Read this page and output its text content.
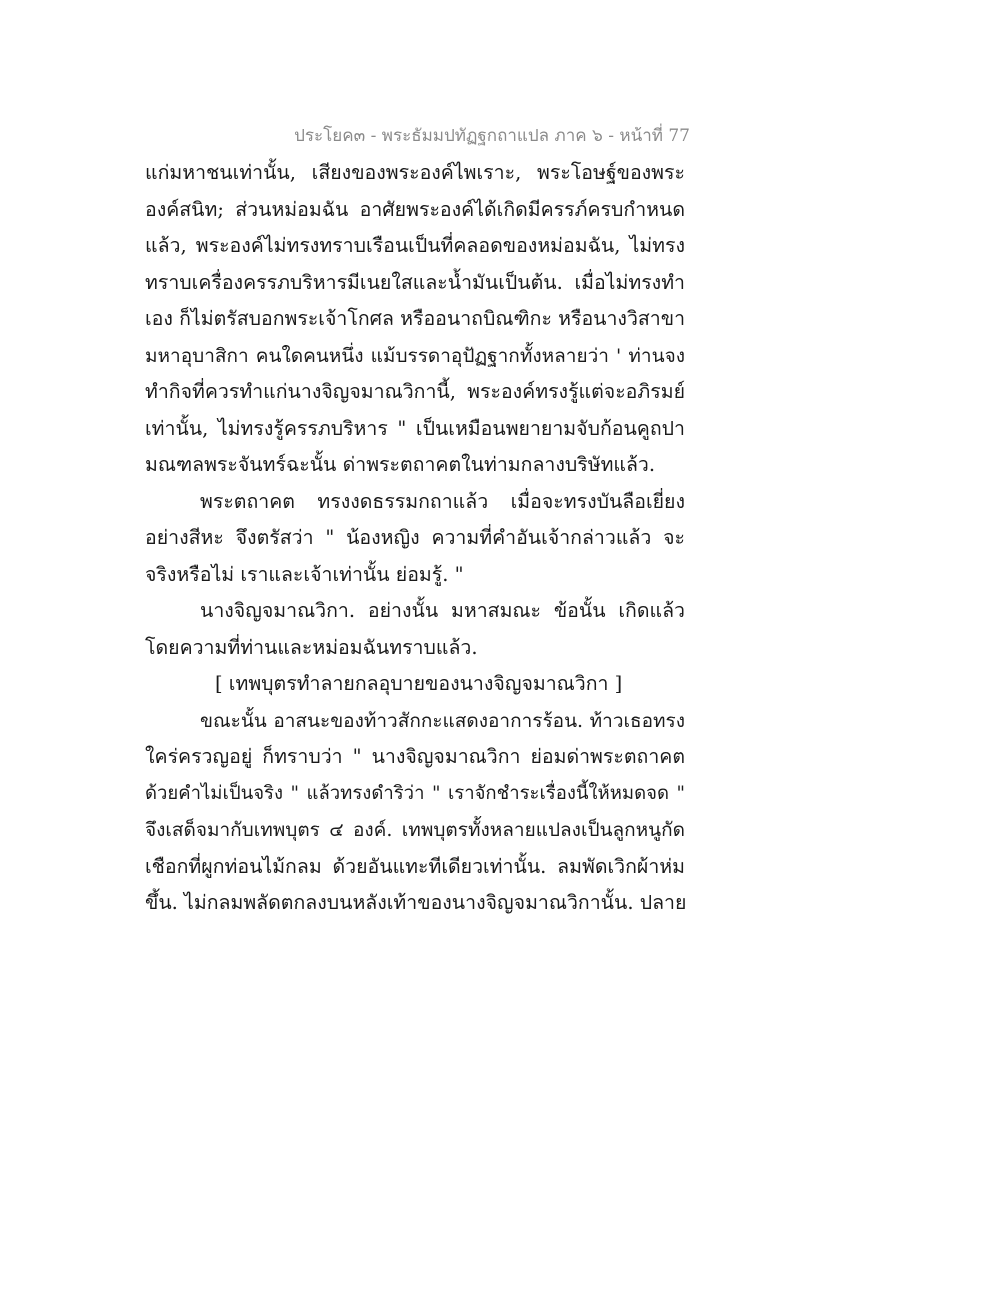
ประโยค๓ - พระธัมมปทัฏฐกถาแปล ภาค ๖ - หน้าที่ 77
แก่มหาชนเท่านั้น, เสียงของพระองค์ไพเราะ, พระโอษฐ์ของพระ
องค์สนิท; ส่วนหม่อมฉัน อาศัยพระองค์ได้เกิดมีครรภ์ครบกำหนด
แล้ว, พระองค์ไม่ทรงทราบเรือนเป็นที่คลอดของหม่อมฉัน, ไม่ทรง
ทราบเครื่องครรภบริหารมีเนยใสและน้ำมันเป็นต้น. เมื่อไม่ทรงทำ
เอง ก็ไม่ตรัสบอกพระเจ้าโกศล หรืออนาถบิณฑิกะ หรือนางวิสาขา
มหาอุบาสิกา คนใดคนหนึ่ง แม้บรรดาอุปัฏฐากทั้งหลายว่า ' ท่านจง
ทำกิจที่ควรทำแก่นางจิญจมาณวิกานี้, พระองค์ทรงรู้แต่จะอภิรมย์
เท่านั้น, ไม่ทรงรู้ครรภบริหาร " เป็นเหมือนพยายามจับก้อนคูถปา
มณฑลพระจันทร์ฉะนั้น ด่าพระตถาคตในท่ามกลางบริษัทแล้ว.
พระตถาคต ทรงงดธรรมกถาแล้ว เมื่อจะทรงบันลือเยี่ยง
อย่างสีหะ จึงตรัสว่า " น้องหญิง ความที่คำอันเจ้ากล่าวแล้ว จะ
จริงหรือไม่ เราและเจ้าเท่านั้น ย่อมรู้. "
นางจิญจมาณวิกา. อย่างนั้น มหาสมณะ ข้อนั้น เกิดแล้ว
โดยความที่ท่านและหม่อมฉันทราบแล้ว.
[ เทพบุตรทำลายกลอุบายของนางจิญจมาณวิกา ]
ขณะนั้น อาสนะของท้าวสักกะแสดงอาการร้อน. ท้าวเธอทรง
ใคร่ครวญอยู่ ก็ทราบว่า " นางจิญจมาณวิกา ย่อมด่าพระตถาคต
ด้วยคำไม่เป็นจริง " แล้วทรงดำริว่า " เราจักชำระเรื่องนี้ให้หมดจด "
จึงเสด็จมากับเทพบุตร ๔ องค์. เทพบุตรทั้งหลายแปลงเป็นลูกหนูกัด
เชือกที่ผูกท่อนไม้กลม ด้วยอันแทะทีเดียวเท่านั้น. ลมพัดเวิกผ้าห่ม
ขึ้น. ไม่กลมพลัดตกลงบนหลังเท้าของนางจิญจมาณวิกานั้น. ปลาย
